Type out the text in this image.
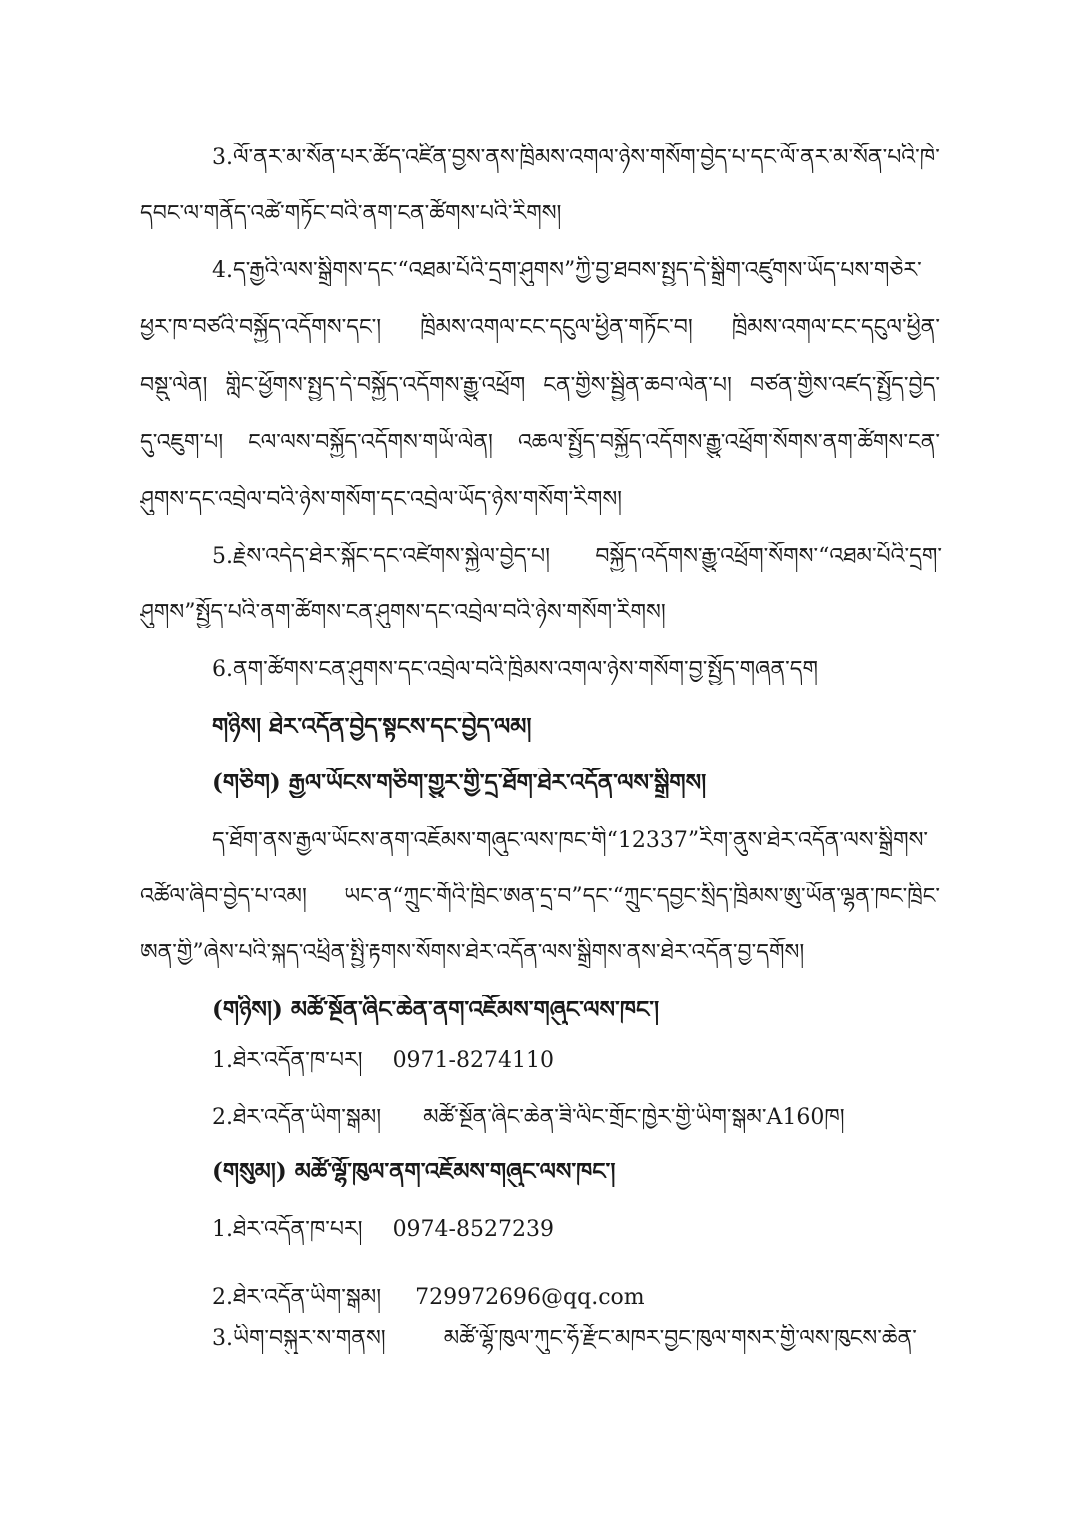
3.ལོ་ནར་མ་སོན་པར་ཚོད་འཛིན་བྱས་ནས་ཁྲིམས་འགལ་ཉེས་གསོག་བྱེད་པ་དང་ལོ་ནར་མ་སོན་པའི་ཁེ་
དབང་ལ་གནོད་འཚེ་གཏོང་བའི་ནག་ངན་ཚོགས་པའི་རིགས།
4.ད་རྒྱའི་ལས་སྒྲིགས་དང་“འཐམ་པོའི་དྲག་ཤུགས”ཀྱི་བྱ་ཐབས་སྤྱད་དེ་སྒྲིག་འཛུགས་ཡོད་པས་གཅེར་
ཕྱར་ཁ་བཙའི་བསྐྱོད་འདོགས་དང་། ཁྲིམས་འགལ་ངང་དངུལ་ཕྱིན་གཏོང་བ། ཁྲིམས་འགལ་ངང་དངུལ་ཕྱིན་
བསྡུ་ལེན། གླིང་ཕྱོགས་སྤྱད་དེ་བསྐྱོད་འདོགས་རྒྱུ་འཕྲོག ངན་གྱིས་སྦྱིན་ཆབ་ལེན་པ། བཙན་གྱིས་འཛད་སྤྱོད་བྱེད་
དུ་འཇུག་པ། ངལ་ལས་བསྐྱོད་འདོགས་གཡོ་ལེན། འཆལ་སྤྱོད་བསྐྱོད་འདོགས་རྒྱུ་འཕྲོག་སོགས་ནག་ཚོགས་ངན་
ཤུགས་དང་འབྲེལ་བའི་ཉེས་གསོག་དང་འབྲེལ་ཡོད་ཉེས་གསོག་རིགས།
5.རྗེས་འདེད་ཐེར་སྐོང་དང་འཛེགས་སྐྱེལ་བྱེད་པ། བསྐྱོད་འདོགས་རྒྱུ་འཕྲོག་སོགས་“འཐམ་པོའི་དྲག་
ཤུགས”སྤྱོད་པའི་ནག་ཚོགས་ངན་ཤུགས་དང་འབྲེལ་བའི་ཉེས་གསོག་རིགས།
6.ནག་ཚོགས་ངན་ཤུགས་དང་འབྲེལ་བའི་ཁྲིམས་འགལ་ཉེས་གསོག་བྱ་སྤྱོད་གཞན་དག
གཉིས། ཐེར་འདོན་བྱེད་སྟངས་དང་བྱེད་ལམ།
(གཅིག) རྒྱལ་ཡོངས་གཅིག་གྱུར་གྱི་དྲ་ཐོག་ཐེར་འདོན་ལས་སྒྲིགས།
ད་ཐོག་ནས་རྒྱལ་ཡོངས་ནག་འཇོམས་གཞུང་ལས་ཁང་གི“12337”རིག་ནུས་ཐེར་འདོན་ལས་སྒྲིགས་
འཚོལ་ཞིབ་བྱེད་པ་འམ། ཡང་ན“ཀྲུང་གོའི་ཁྲིང་ཨན་དྲ་བ”དང་“ཀྲུང་དབྱང་སྲིད་ཁྲིམས་ཨུ་ཡོན་ལྷན་ཁང་ཁྲིང་
ཨན་གྱི”ཞེས་པའི་སྐད་འཕྲིན་སྤྱི་རྟགས་སོགས་ཐེར་འདོན་ལས་སྒྲིགས་ནས་ཐེར་འདོན་བྱ་དགོས།
(གཉིས།) མཚོ་སྔོན་ཞིང་ཆེན་ནག་འཇོམས་གཞུང་ལས་ཁང་།
1.ཐེར་འདོན་ཁ་པར། 0971-8274110
2.ཐེར་འདོན་ཡིག་སྒམ། མཚོ་སྔོན་ཞིང་ཆེན་ཟི་ལིང་གྲོང་ཁྱེར་གྱི་ཡིག་སྒམ་A160ཁ།
(གསུམ།) མཚོ་ལྷོ་ཁུལ་ནག་འཇོམས་གཞུང་ལས་ཁང་།
1.ཐེར་འདོན་ཁ་པར། 0974-8527239
2.ཐེར་འདོན་ཡིག་སྒམ། 729972696@qq.com
3.ཡིག་བསྐུར་ས་གནས།	མཚོ་ལྷོ་ཁུལ་ཀུང་ཧོ་རྫོང་མཁར་བྱང་ཁུལ་གསར་གྱི་ལས་ཁུངས་ཆེན་
